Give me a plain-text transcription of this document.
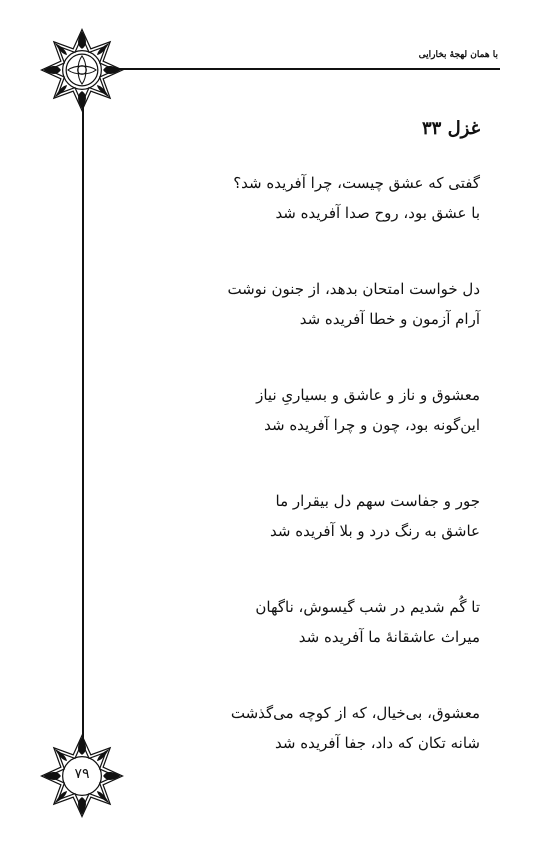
با همان لهجهٔ بخارایی
۷۹
غزل ۳۳
گفتی که عشق چیست، چرا آفریده شد؟
با عشق بود، روح صدا آفریده شد
دل خواست امتحان بدهد، از جنون نوشت
آرام آزمون و خطا آفریده شد
معشوق و ناز و عاشق و بسیاریِ نیاز
این‌گونه بود، چون و چرا آفریده شد
جور و جفاست سهم دل بیقرار ما
عاشق به رنگ درد و بلا آفریده شد
تا گُم شدیم در شب گیسوش، ناگهان
میراث عاشقانهٔ ما آفریده شد
معشوق، بی‌خیال، که از کوچه می‌گذشت
شانه تکان که داد، جفا آفریده شد
